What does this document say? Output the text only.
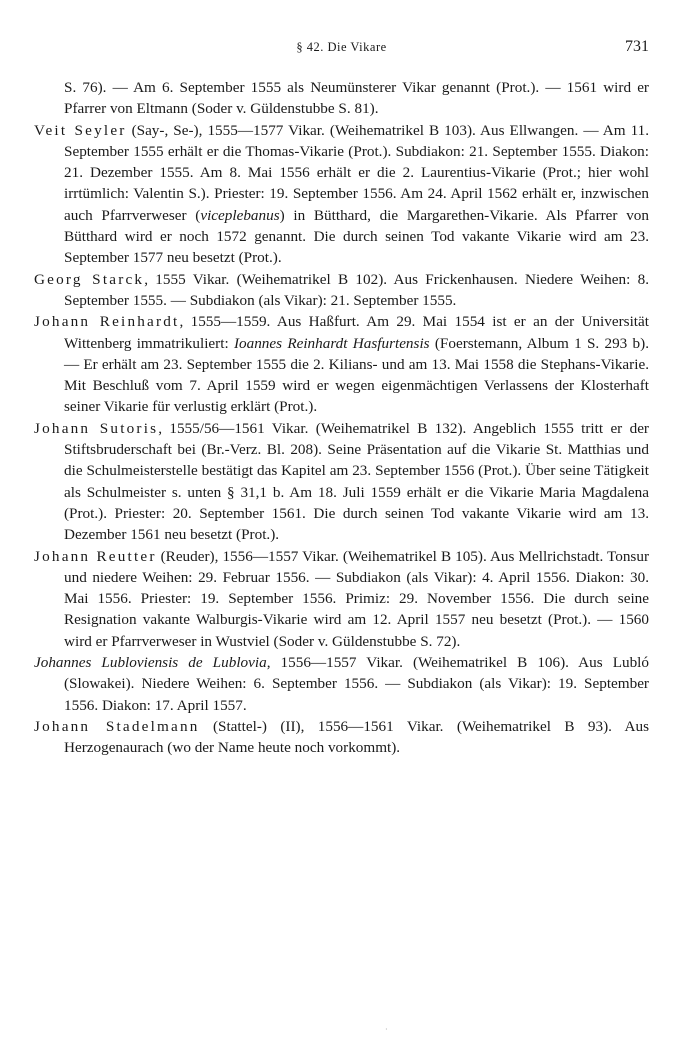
§ 42. Die Vikare	731

S. 76). — Am 6. September 1555 als Neumünsterer Vikar genannt (Prot.). — 1561 wird er Pfarrer von Eltmann (Soder v. Güldenstubbe S. 81).

Veit Seyler (Say-, Se-), 1555—1577 Vikar. (Weihematrikel B 103). Aus Ellwangen. — Am 11. September 1555 erhält er die Thomas-Vikarie (Prot.). Subdiakon: 21. September 1555. Diakon: 21. Dezember 1555. Am 8. Mai 1556 erhält er die 2. Laurentius-Vikarie (Prot.; hier wohl irrtümlich: Valentin S.). Priester: 19. September 1556. Am 24. April 1562 erhält er, inzwischen auch Pfarrverweser (viceplebanus) in Bütthard, die Margarethen-Vikarie. Als Pfarrer von Bütthard wird er noch 1572 genannt. Die durch seinen Tod vakante Vikarie wird am 23. September 1577 neu besetzt (Prot.).

Georg Starck, 1555 Vikar. (Weihematrikel B 102). Aus Frickenhausen. Niedere Weihen: 8. September 1555. — Subdiakon (als Vikar): 21. September 1555.

Johann Reinhardt, 1555—1559. Aus Haßfurt. Am 29. Mai 1554 ist er an der Universität Wittenberg immatrikuliert: Ioannes Reinhardt Hasfurtensis (Foerstemann, Album 1 S. 293 b). — Er erhält am 23. September 1555 die 2. Kilians- und am 13. Mai 1558 die Stephans-Vikarie. Mit Beschluß vom 7. April 1559 wird er wegen eigenmächtigen Verlassens der Klosterhaft seiner Vikarie für verlustig erklärt (Prot.).

Johann Sutoris, 1555/56—1561 Vikar. (Weihematrikel B 132). Angeblich 1555 tritt er der Stiftsbruderschaft bei (Br.-Verz. Bl. 208). Seine Präsentation auf die Vikarie St. Matthias und die Schulmeisterstelle bestätigt das Kapitel am 23. September 1556 (Prot.). Über seine Tätigkeit als Schulmeister s. unten § 31,1 b. Am 18. Juli 1559 erhält er die Vikarie Maria Magdalena (Prot.). Priester: 20. September 1561. Die durch seinen Tod vakante Vikarie wird am 13. Dezember 1561 neu besetzt (Prot.).

Johann Reutter (Reuder), 1556—1557 Vikar. (Weihematrikel B 105). Aus Mellrichstadt. Tonsur und niedere Weihen: 29. Februar 1556. — Subdiakon (als Vikar): 4. April 1556. Diakon: 30. Mai 1556. Priester: 19. September 1556. Primiz: 29. November 1556. Die durch seine Resignation vakante Walburgis-Vikarie wird am 12. April 1557 neu besetzt (Prot.). — 1560 wird er Pfarrverweser in Wustviel (Soder v. Güldenstubbe S. 72).

Johannes Lubloviensis de Lublovia, 1556—1557 Vikar. (Weihematrikel B 106). Aus Lubló (Slowakei). Niedere Weihen: 6. September 1556. — Subdiakon (als Vikar): 19. September 1556. Diakon: 17. April 1557.

Johann Stadelmann (Stattel-) (II), 1556—1561 Vikar. (Weihematrikel B 93). Aus Herzogenaurach (wo der Name heute noch vorkommt).

·
